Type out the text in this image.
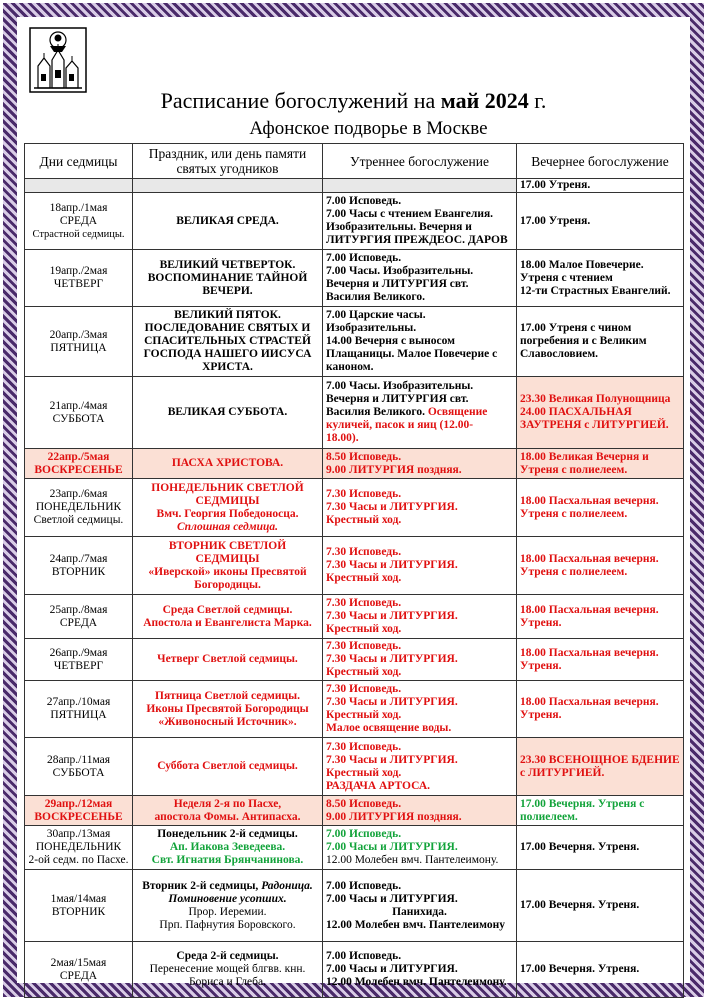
Расписание богослужений на май 2024 г.
Афонское подворье в Москве
Дни седмицы	Праздник, или день памяти святых угодников	Утреннее богослужение	Вечернее богослужение

			17.00 Утреня.

18апр./1мая
СРЕДА
Страстной седмицы.	ВЕЛИКАЯ СРЕДА.	7.00 Исповедь.
7.00 Часы с чтением Евангелия.
Изобразительны. Вечерня и
ЛИТУРГИЯ ПРЕЖДЕОС. ДАРОВ	17.00 Утреня.

19апр./2мая
ЧЕТВЕРГ	ВЕЛИКИЙ ЧЕТВЕРТОК.
ВОСПОМИНАНИЕ ТАЙНОЙ
ВЕЧЕРИ.	7.00 Исповедь.
7.00 Часы. Изобразительны.
Вечерня и ЛИТУРГИЯ свт.
Василия Великого.	18.00 Малое Повечерие.
Утреня с чтением
12-ти Страстных Евангелий.

20апр./3мая
ПЯТНИЦА	ВЕЛИКИЙ ПЯТОК.
ПОСЛЕДОВАНИЕ СВЯТЫХ И
СПАСИТЕЛЬНЫХ СТРАСТЕЙ
ГОСПОДА НАШЕГО ИИСУСА
ХРИСТА.	7.00 Царские часы.
Изобразительны.
14.00 Вечерня с выносом
Плащаницы. Малое Повечерие с
каноном.	17.00 Утреня с чином
погребения и с Великим
Славословием.

21апр./4мая
СУББОТА	ВЕЛИКАЯ СУББОТА.	7.00 Часы. Изобразительны.
Вечерня и ЛИТУРГИЯ свт.
Василия Великого. Освящение
куличей, пасок и яиц (12.00-
18.00).	23.30 Великая Полунощница
24.00 ПАСХАЛЬНАЯ
ЗАУТРЕНЯ с ЛИТУРГИЕЙ.

22апр./5мая
ВОСКРЕСЕНЬЕ	ПАСХА ХРИСТОВА.	8.50 Исповедь.
9.00 ЛИТУРГИЯ поздняя.	18.00 Великая Вечерня и
Утреня с полиелеем.

23апр./6мая
ПОНЕДЕЛЬНИК
Светлой седмицы.	ПОНЕДЕЛЬНИК СВЕТЛОЙ
СЕДМИЦЫ
Вмч. Георгия Победоносца.
Сплошная седмица.	7.30 Исповедь.
7.30 Часы и ЛИТУРГИЯ.
Крестный ход.	18.00 Пасхальная вечерня.
Утреня с полиелеем.

24апр./7мая
ВТОРНИК	ВТОРНИК СВЕТЛОЙ
СЕДМИЦЫ
«Иверской» иконы Пресвятой
Богородицы.	7.30 Исповедь.
7.30 Часы и ЛИТУРГИЯ.
Крестный ход.	18.00 Пасхальная вечерня.
Утреня с полиелеем.

25апр./8мая
СРЕДА	Среда Светлой седмицы.
Апостола и Евангелиста Марка.	7.30 Исповедь.
7.30 Часы и ЛИТУРГИЯ.
Крестный ход.	18.00 Пасхальная вечерня.
Утреня.

26апр./9мая
ЧЕТВЕРГ	Четверг Светлой седмицы.	7.30 Исповедь.
7.30 Часы и ЛИТУРГИЯ.
Крестный ход.	18.00 Пасхальная вечерня.
Утреня.

27апр./10мая
ПЯТНИЦА	Пятница Светлой седмицы.
Иконы Пресвятой Богородицы
«Живоносный Источник».	7.30 Исповедь.
7.30 Часы и ЛИТУРГИЯ.
Крестный ход.
Малое освящение воды.	18.00 Пасхальная вечерня.
Утреня.

28апр./11мая
СУББОТА	Суббота Светлой седмицы.	7.30 Исповедь.
7.30 Часы и ЛИТУРГИЯ.
Крестный ход.
РАЗДАЧА АРТОСА.	23.30 ВСЕНОЩНОЕ БДЕНИЕ
с ЛИТУРГИЕЙ.

29апр./12мая
ВОСКРЕСЕНЬЕ	Неделя 2-я по Пасхе,
апостола Фомы. Антипасха.	8.50 Исповедь.
9.00 ЛИТУРГИЯ поздняя.	17.00 Вечерня. Утреня с
полиелеем.

30апр./13мая
ПОНЕДЕЛЬНИК
2-ой седм. по Пасхе.	Понедельник 2-й седмицы.
Ап. Иакова Зеведеева.
Свт. Игнатия Брянчанинова.	7.00 Исповедь.
7.00 Часы и ЛИТУРГИЯ.
12.00 Молебен вмч. Пантелеимону.	17.00 Вечерня. Утреня.

1мая/14мая
ВТОРНИК	Вторник 2-й седмицы, Радоница.
Поминовение усопших.
Прор. Иеремии.
Прп. Пафнутия Боровского.	7.00 Исповедь.
7.00 Часы и ЛИТУРГИЯ.
Панихида.
12.00 Молебен вмч. Пантелеимону	17.00 Вечерня. Утреня.

2мая/15мая
СРЕДА	Среда 2-й седмицы.
Перенесение мощей блгвв. кнн.
Бориса и Глеба.	7.00 Исповедь.
7.00 Часы и ЛИТУРГИЯ.
12.00 Молебен вмч. Пантелеимону.	17.00 Вечерня. Утреня.
